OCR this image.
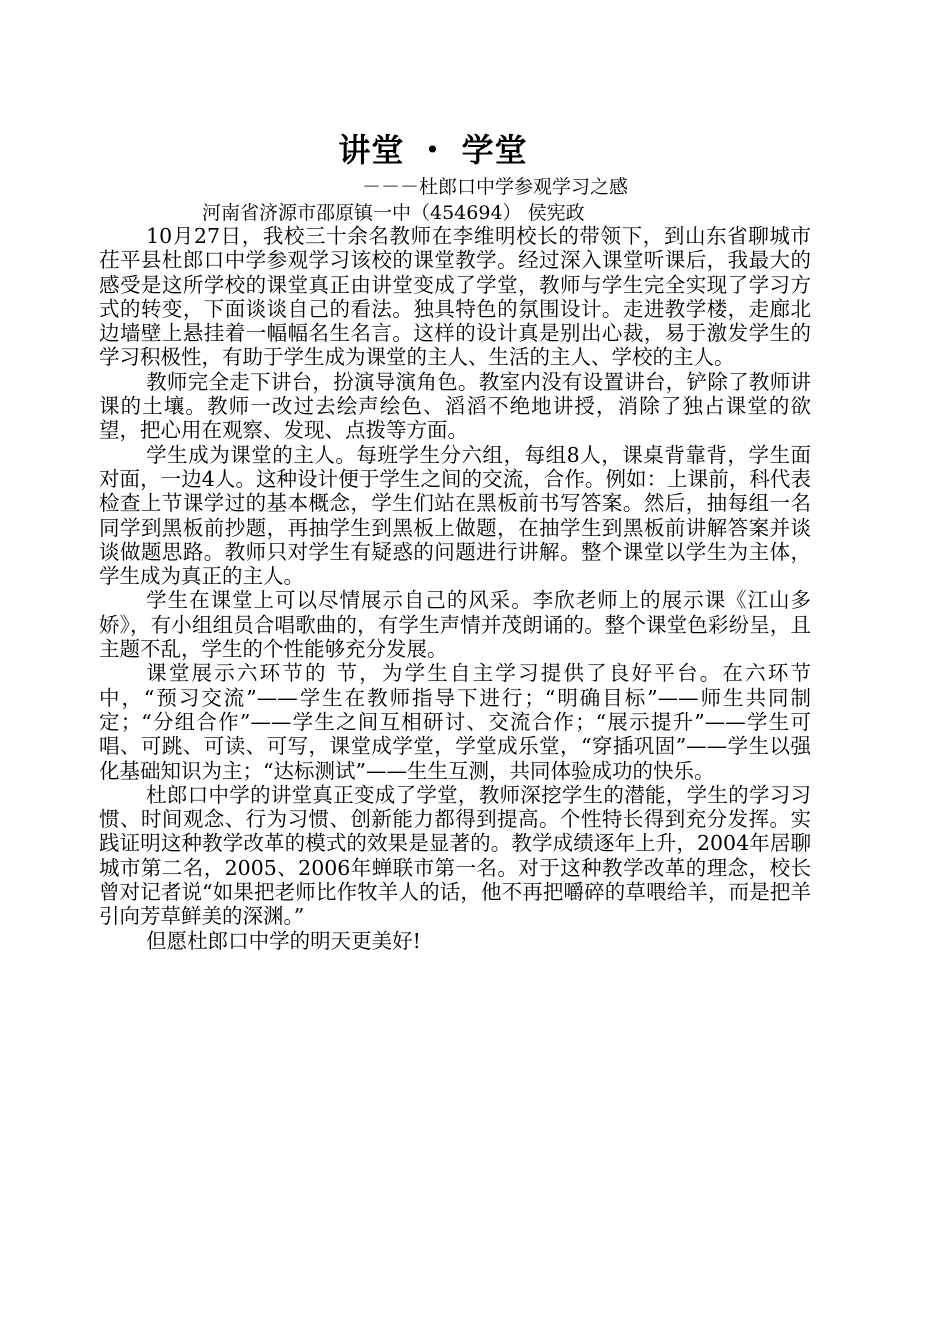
讲堂 ・ 学堂
－－－杜郎口中学参观学习之感
河南省济源市邵原镇一中（454694） 侯宪政

10月27日，我校三十余名教师在李维明校长的带领下，到山东省聊城市茌平县杜郎口中学参观学习该校的课堂教学。经过深入课堂听课后，我最大的感受是这所学校的课堂真正由讲堂变成了学堂，教师与学生完全实现了学习方式的转变，下面谈谈自己的看法。独具特色的氛围设计。走进教学楼，走廊北边墙壁上悬挂着一幅幅名生名言。这样的设计真是别出心裁，易于激发学生的学习积极性，有助于学生成为课堂的主人、生活的主人、学校的主人。

教师完全走下讲台，扮演导演角色。教室内没有设置讲台，铲除了教师讲课的土壤。教师一改过去绘声绘色、滔滔不绝地讲授，消除了独占课堂的欲望，把心用在观察、发现、点拨等方面。

学生成为课堂的主人。每班学生分六组，每组8人，课桌背靠背，学生面对面，一边4人。这种设计便于学生之间的交流，合作。例如：上课前，科代表检查上节课学过的基本概念，学生们站在黑板前书写答案。然后，抽每组一名同学到黑板前抄题，再抽学生到黑板上做题，在抽学生到黑板前讲解答案并谈谈做题思路。教师只对学生有疑惑的问题进行讲解。整个课堂以学生为主体，学生成为真正的主人。

学生在课堂上可以尽情展示自己的风采。李欣老师上的展示课《江山多娇》，有小组组员合唱歌曲的，有学生声情并茂朗诵的。整个课堂色彩纷呈，且主题不乱，学生的个性能够充分发展。

课堂展示六环节的 节，为学生自主学习提供了良好平台。在六环节中，“预习交流”——学生在教师指导下进行；“明确目标”——师生共同制定；“分组合作”——学生之间互相研讨、交流合作；“展示提升”——学生可唱、可跳、可读、可写，课堂成学堂，学堂成乐堂，“穿插巩固”——学生以强化基础知识为主；“达标测试”——生生互测，共同体验成功的快乐。

杜郎口中学的讲堂真正变成了学堂，教师深挖学生的潜能，学生的学习习惯、时间观念、行为习惯、创新能力都得到提高。个性特长得到充分发挥。实践证明这种教学改革的模式的效果是显著的。教学成绩逐年上升，2004年居聊城市第二名，2005、2006年蝉联市第一名。对于这种教学改革的理念，校长曾对记者说“如果把老师比作牧羊人的话，他不再把嚼碎的草喂给羊，而是把羊引向芳草鲜美的深渊。”

但愿杜郎口中学的明天更美好!
